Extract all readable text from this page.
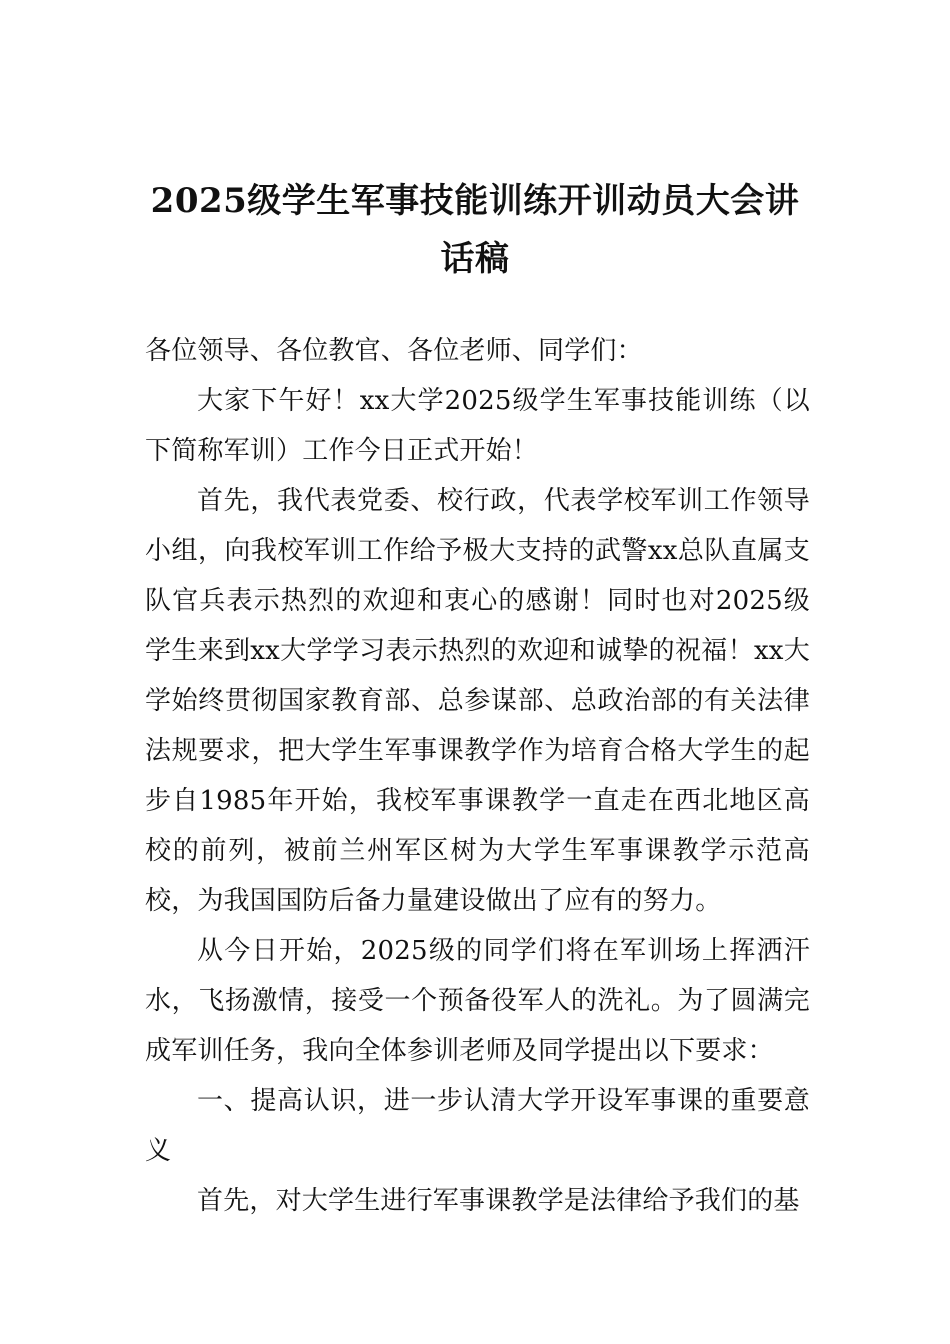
2025级学生军事技能训练开训动员大会讲话稿

各位领导、各位教官、各位老师、同学们：

大家下午好！xx大学2025级学生军事技能训练（以下简称军训）工作今日正式开始！

首先，我代表党委、校行政，代表学校军训工作领导小组，向我校军训工作给予极大支持的武警xx总队直属支队官兵表示热烈的欢迎和衷心的感谢！同时也对2025级学生来到xx大学学习表示热烈的欢迎和诚挚的祝福！xx大学始终贯彻国家教育部、总参谋部、总政治部的有关法律法规要求，把大学生军事课教学作为培育合格大学生的起步自1985年开始，我校军事课教学一直走在西北地区高校的前列，被前兰州军区树为大学生军事课教学示范高校，为我国国防后备力量建设做出了应有的努力。

从今日开始，2025级的同学们将在军训场上挥洒汗水，飞扬激情，接受一个预备役军人的洗礼。为了圆满完成军训任务，我向全体参训老师及同学提出以下要求：

一、提高认识，进一步认清大学开设军事课的重要意义

首先，对大学生进行军事课教学是法律给予我们的基
